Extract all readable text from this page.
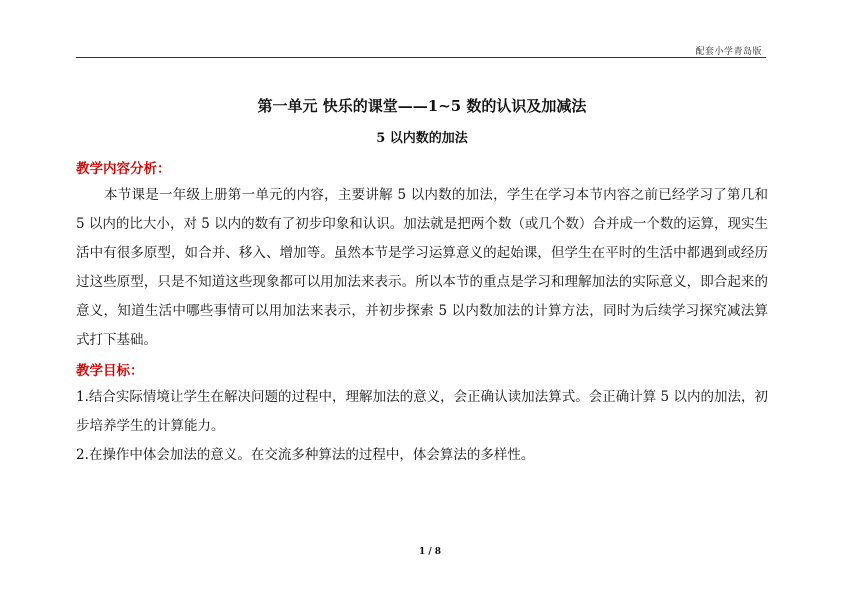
配套小学青岛版

第一单元 快乐的课堂——1~5 数的认识及加减法

5 以内数的加法

教学内容分析：

本节课是一年级上册第一单元的内容，主要讲解 5 以内数的加法，学生在学习本节内容之前已经学习了第几和 5 以内的比大小，对 5 以内的数有了初步印象和认识。加法就是把两个数（或几个数）合并成一个数的运算，现实生活中有很多原型，如合并、移入、增加等。虽然本节是学习运算意义的起始课，但学生在平时的生活中都遇到或经历过这些原型，只是不知道这些现象都可以用加法来表示。所以本节的重点是学习和理解加法的实际意义，即合起来的意义，知道生活中哪些事情可以用加法来表示，并初步探索 5 以内数加法的计算方法，同时为后续学习探究减法算式打下基础。

教学目标：

1.结合实际情境让学生在解决问题的过程中，理解加法的意义，会正确认读加法算式。会正确计算 5 以内的加法，初步培养学生的计算能力。

2.在操作中体会加法的意义。在交流多种算法的过程中，体会算法的多样性。

1 / 8
